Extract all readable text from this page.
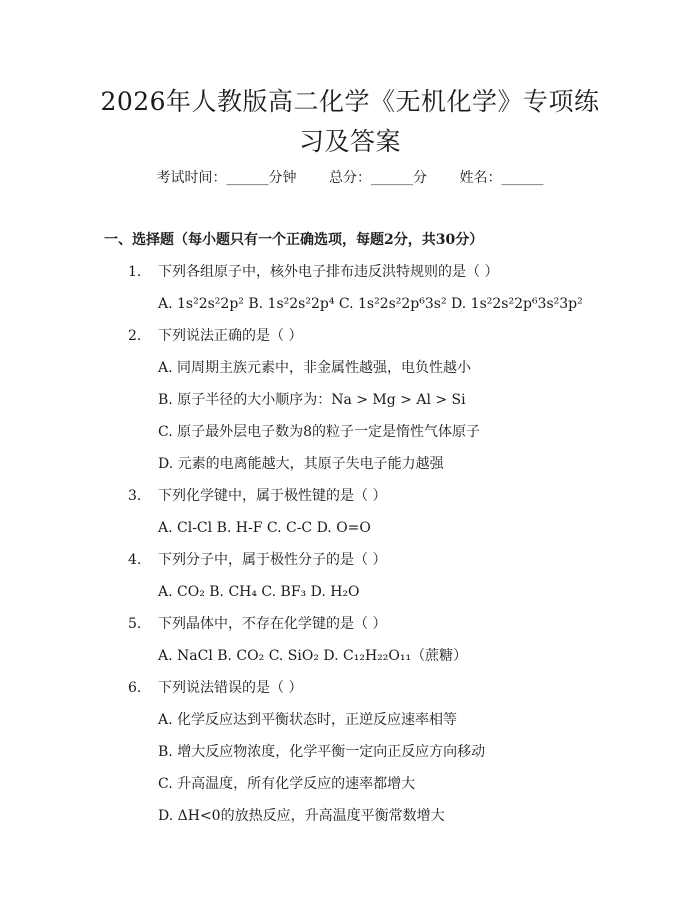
2026年人教版高二化学《无机化学》专项练
习及答案
考试时间：______分钟 总分：______分 姓名：______
一、选择题（每小题只有一个正确选项，每题2分，共30分）
1. 下列各组原子中，核外电子排布违反洪特规则的是（ ）
A. 1s²2s²2p² B. 1s²2s²2p⁴ C. 1s²2s²2p⁶3s² D. 1s²2s²2p⁶3s²3p²
2. 下列说法正确的是（ ）
A. 同周期主族元素中，非金属性越强，电负性越小
B. 原子半径的大小顺序为：Na > Mg > Al > Si
C. 原子最外层电子数为8的粒子一定是惰性气体原子
D. 元素的电离能越大，其原子失电子能力越强
3. 下列化学键中，属于极性键的是（ ）
A. Cl-Cl B. H-F C. C-C D. O=O
4. 下列分子中，属于极性分子的是（ ）
A. CO₂ B. CH₄ C. BF₃ D. H₂O
5. 下列晶体中，不存在化学键的是（ ）
A. NaCl B. CO₂ C. SiO₂ D. C₁₂H₂₂O₁₁（蔗糖）
6. 下列说法错误的是（ ）
A. 化学反应达到平衡状态时，正逆反应速率相等
B. 增大反应物浓度，化学平衡一定向正反应方向移动
C. 升高温度，所有化学反应的速率都增大
D. ΔH<0的放热反应，升高温度平衡常数增大
